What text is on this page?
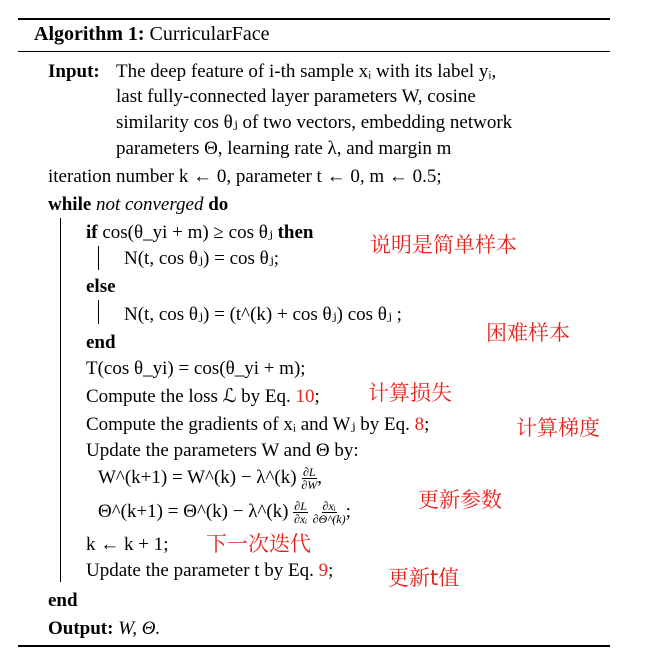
Algorithm 1: CurricularFace
Input: The deep feature of i-th sample xᵢ with its label yᵢ,
last fully-connected layer parameters W, cosine
similarity cos θⱼ of two vectors, embedding network
parameters Θ, learning rate λ, and margin m
iteration number k ← 0, parameter t ← 0, m ← 0.5;
while not converged do
if cos(θ_yi + m) ≥ cos θⱼ then
N(t, cos θⱼ) = cos θⱼ;
else
N(t, cos θⱼ) = (t^(k) + cos θⱼ) cos θⱼ ;
end
T(cos θ_yi) = cos(θ_yi + m);
Compute the loss ℒ by Eq. 10;
Compute the gradients of xᵢ and Wⱼ by Eq. 8;
Update the parameters W and Θ by:
W^(k+1) = W^(k) − λ^(k) $\frac{\partial L}{\partial W}$ ,
Θ^(k+1) = Θ^(k) − λ^(k) $\frac{\partial L}{\text{∂xᵢ}}$
$\frac{\text{∂xᵢ}}{\partial\Theta\^{}(k)}$ ;
k ← k + 1;
Update the parameter t by Eq. 9;
end
Output: W, Θ.
说明是简单样本
困难样本
计算损失
计算梯度
更新参数
下一次迭代
更新t值
